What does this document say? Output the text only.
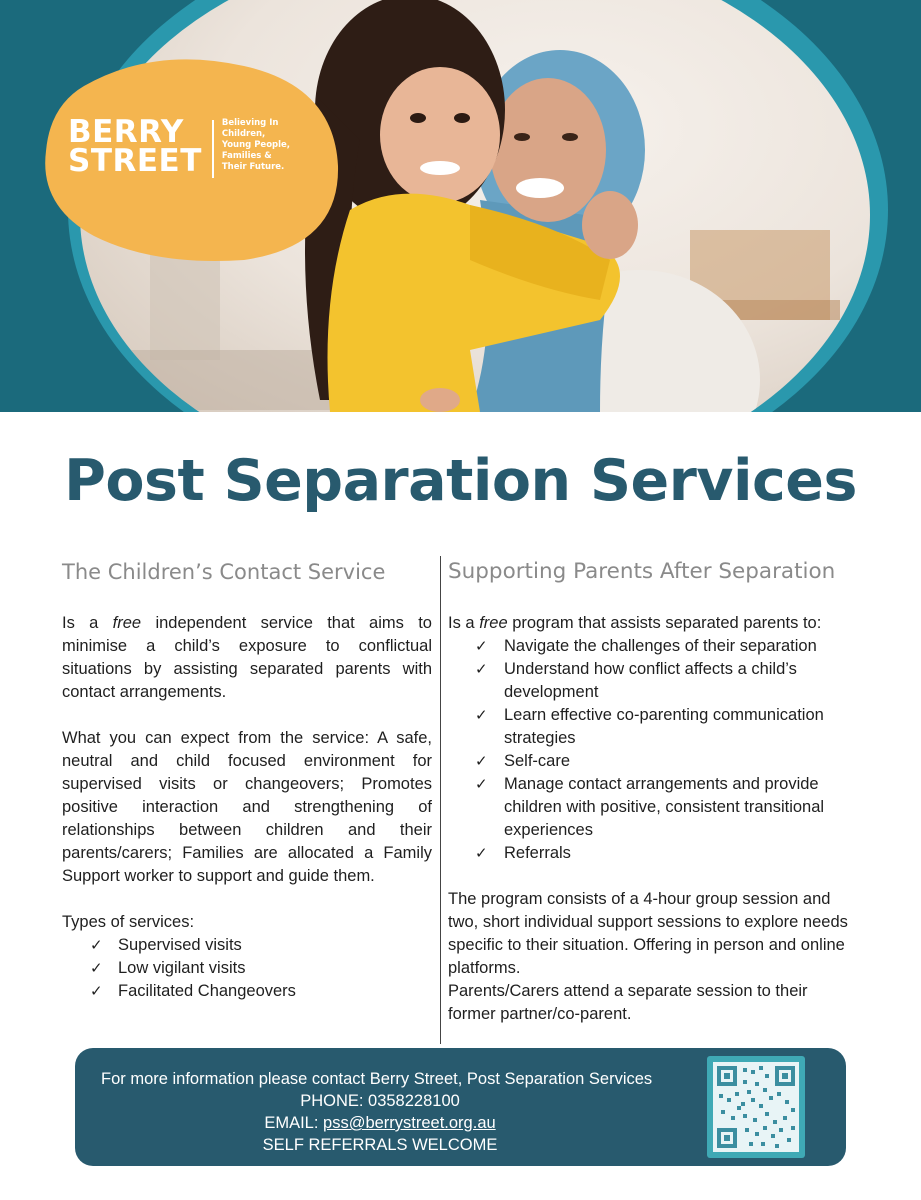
BERRY
STREET
Believing In
Children,
Young People,
Families &
Their Future.
Post Separation Services
The Children’s Contact Service

Is a free independent service that aims to minimise a child’s exposure to conflictual situations by assisting separated parents with contact arrangements.

What you can expect from the service: A safe, neutral and child focused environment for supervised visits or changeovers; Promotes positive interaction and strengthening of relationships between children and their parents/carers; Families are allocated a Family Support worker to support and guide them.

Types of services:

✓ Supervised visits
✓ Low vigilant visits
✓ Facilitated Changeovers
Supporting Parents After Separation

Is a free program that assists separated parents to:

✓ Navigate the challenges of their separation
✓ Understand how conflict affects a child’s development
✓ Learn effective co-parenting communication strategies
✓ Self-care
✓ Manage contact arrangements and provide children with positive, consistent transitional experiences
✓ Referrals

The program consists of a 4-hour group session and two, short individual support sessions to explore needs specific to their situation. Offering in person and online platforms.

Parents/Carers attend a separate session to their former partner/co-parent.

For more information please contact Berry Street, Post Separation Services
PHONE: 0358228100
EMAIL: pss@berrystreet.org.au
SELF REFERRALS WELCOME
